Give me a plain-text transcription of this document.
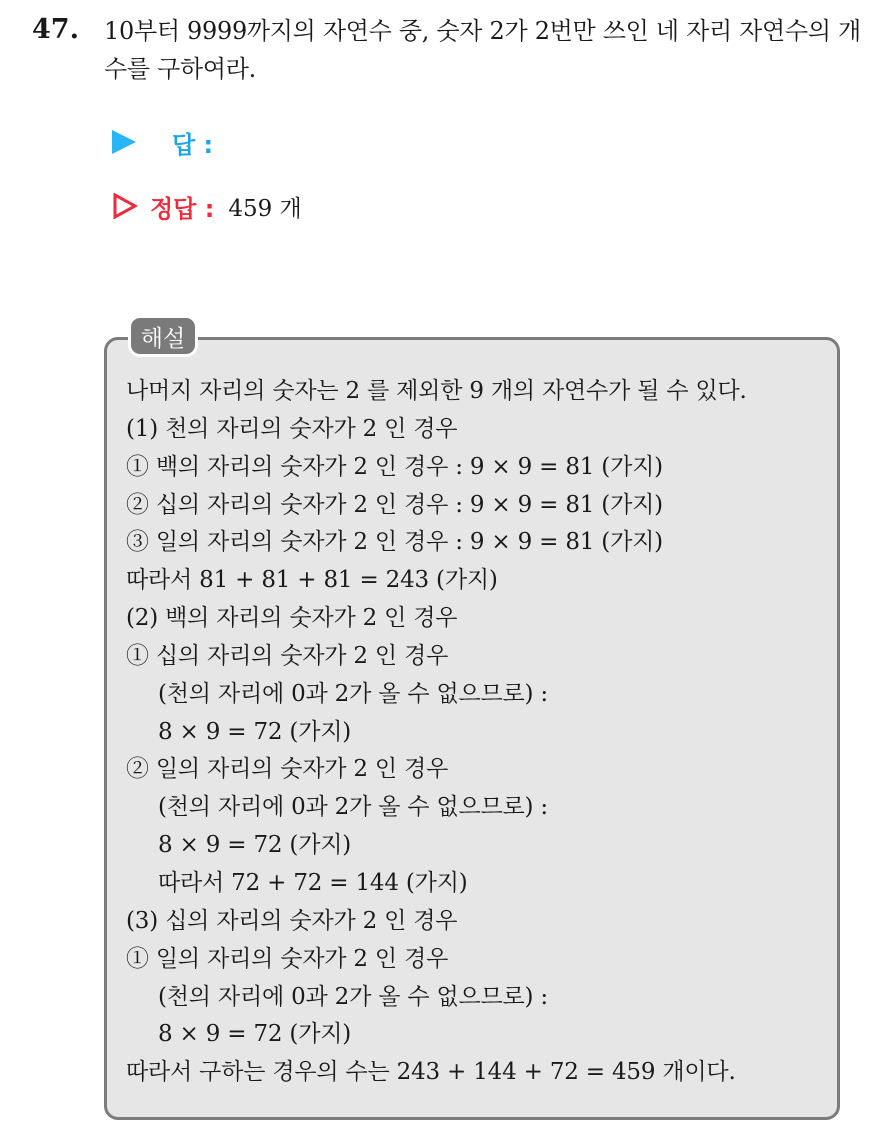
47. 10부터 9999까지의 자연수 중, 숫자 2가 2번만 쓰인 네 자리 자연수의 개수를 구하여라.
답 :
정답 : 459 개
해설
나머지 자리의 숫자는 2 를 제외한 9 개의 자연수가 될 수 있다.
(1) 천의 자리의 숫자가 2 인 경우
① 백의 자리의 숫자가 2 인 경우 : 9 × 9 = 81 (가지)
② 십의 자리의 숫자가 2 인 경우 : 9 × 9 = 81 (가지)
③ 일의 자리의 숫자가 2 인 경우 : 9 × 9 = 81 (가지)
따라서 81 + 81 + 81 = 243 (가지)
(2) 백의 자리의 숫자가 2 인 경우
① 십의 자리의 숫자가 2 인 경우
(천의 자리에 0과 2가 올 수 없으므로) :
8 × 9 = 72 (가지)
② 일의 자리의 숫자가 2 인 경우
(천의 자리에 0과 2가 올 수 없으므로) :
8 × 9 = 72 (가지)
따라서 72 + 72 = 144 (가지)
(3) 십의 자리의 숫자가 2 인 경우
① 일의 자리의 숫자가 2 인 경우
(천의 자리에 0과 2가 올 수 없으므로) :
8 × 9 = 72 (가지)
따라서 구하는 경우의 수는 243 + 144 + 72 = 459 개이다.
